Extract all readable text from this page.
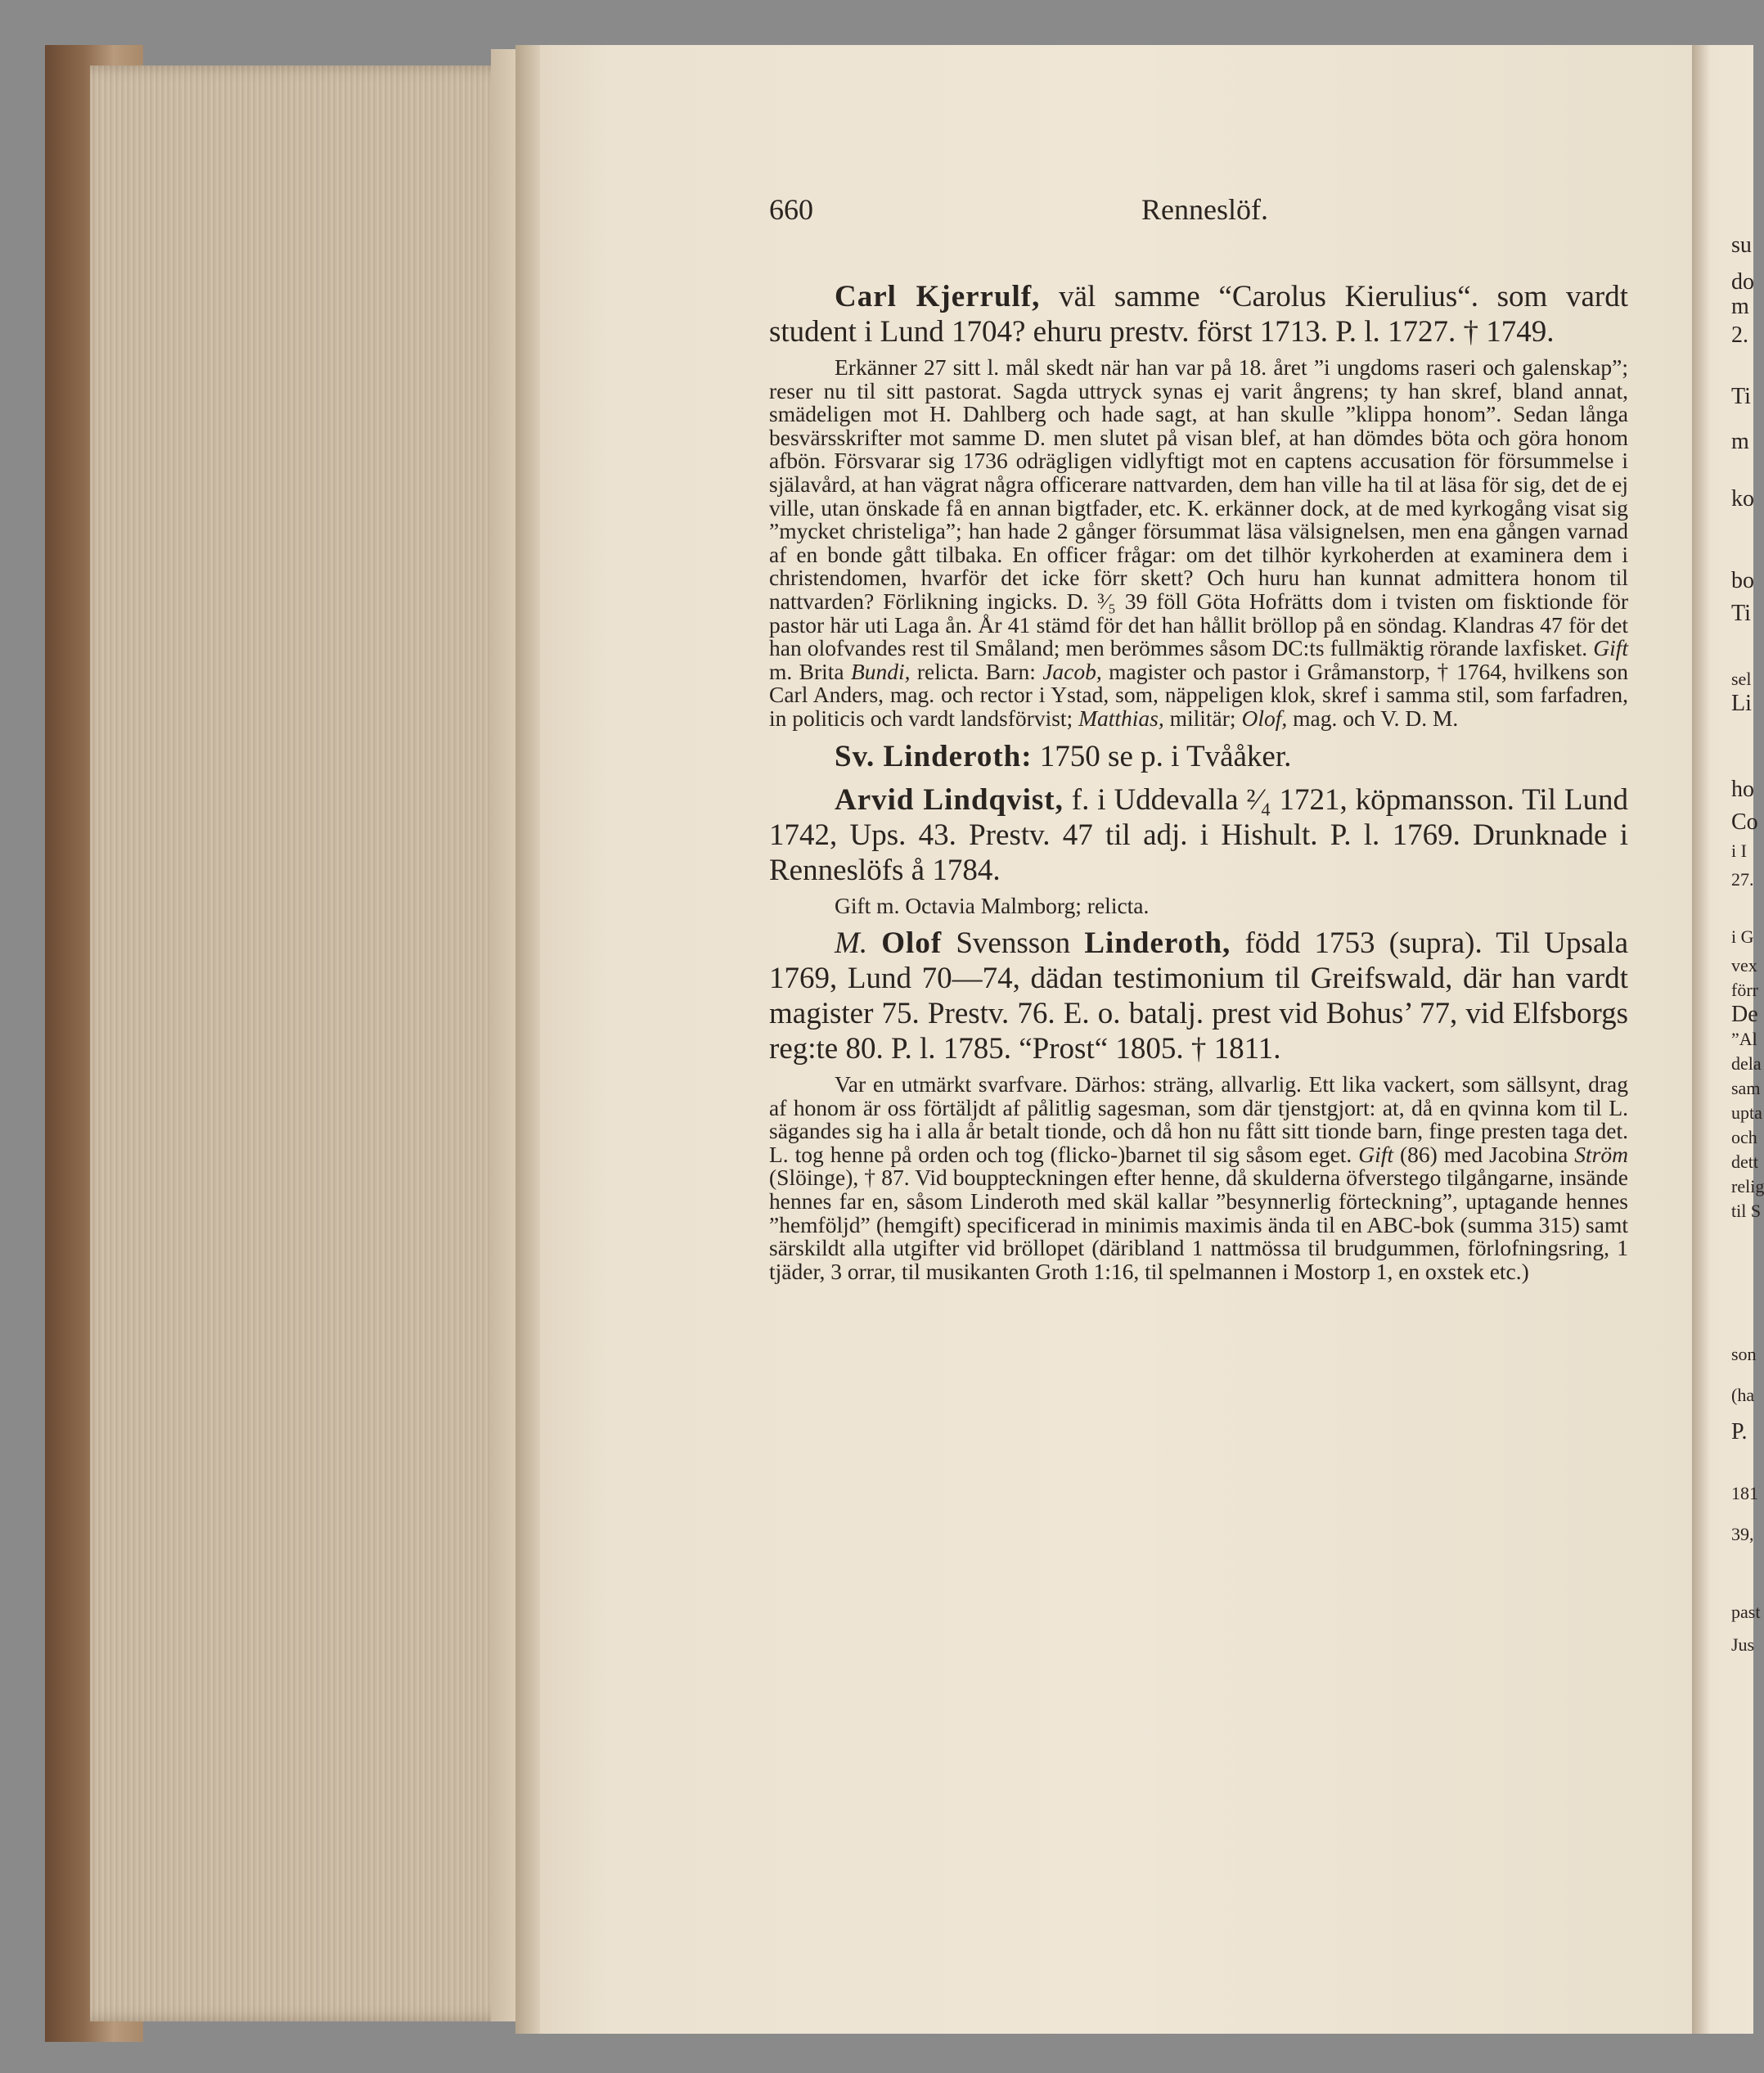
su
do
m
2.
Ti
m
ko
bo
Ti
sel
Li
ho
Co
i I
27.
i G
vex
förr
De
”Al
dela
sam
upta
och
dett
relig
til S
son
(ha
P.
181
39,
past
Jus
660	Renneslöf.

Carl Kjerrulf, väl samme “Carolus Kierulius“. som vardt student i Lund 1704? ehuru prestv. först 1713. P. l. 1727. † 1749.

Erkänner 27 sitt l. mål skedt när han var på 18. året ”i ungdoms raseri och galenskap”; reser nu til sitt pastorat. Sagda uttryck synas ej varit ångrens; ty han skref, bland annat, smädeligen mot H. Dahlberg och hade sagt, at han skulle ”klippa honom”. Sedan långa besvärsskrifter mot samme D. men slutet på visan blef, at han dömdes böta och göra honom afbön. Försvarar sig 1736 odrägligen vidlyftigt mot en captens accusation för försummelse i själavård, at han vägrat några officerare nattvarden, dem han ville ha til at läsa för sig, det de ej ville, utan önskade få en annan bigtfader, etc. K. erkänner dock, at de med kyrkogång visat sig ”mycket christeliga”; han hade 2 gånger försummat läsa välsignelsen, men ena gången varnad af en bonde gått tilbaka. En officer frågar: om det tilhör kyrkoherden at examinera dem i christendomen, hvarför det icke förr skett? Och huru han kunnat admittera honom til nattvarden? Förlikning ingicks. D. ³⁄₅ 39 föll Göta Hofrätts dom i tvisten om fisktionde för pastor här uti Laga ån. År 41 stämd för det han hållit bröllop på en söndag. Klandras 47 för det han olofvandes rest til Småland; men berömmes såsom DC:ts fullmäktig rörande laxfisket. Gift m. Brita Bundi, relicta. Barn: Jacob, magister och pastor i Gråmanstorp, † 1764, hvilkens son Carl Anders, mag. och rector i Ystad, som, näppeligen klok, skref i samma stil, som farfadren, in politicis och vardt landsförvist; Matthias, militär; Olof, mag. och V. D. M.

Sv. Linderoth: 1750 se p. i Tvååker.

Arvid Lindqvist, f. i Uddevalla ²⁄₄ 1721, köpmansson. Til Lund 1742, Ups. 43. Prestv. 47 til adj. i Hishult. P. l. 1769. Drunknade i Renneslöfs å 1784.

Gift m. Octavia Malmborg; relicta.

M. Olof Svensson Linderoth, född 1753 (supra). Til Upsala 1769, Lund 70—74, dädan testimonium til Greifswald, där han vardt magister 75. Prestv. 76. E. o. batalj. prest vid Bohus’ 77, vid Elfsborgs reg:te 80. P. l. 1785. “Prost“ 1805. † 1811.

Var en utmärkt svarfvare. Därhos: sträng, allvarlig. Ett lika vackert, som sällsynt, drag af honom är oss förtäljdt af pålitlig sagesman, som där tjenstgjort: at, då en qvinna kom til L. sägandes sig ha i alla år betalt tionde, och då hon nu fått sitt tionde barn, finge presten taga det. L. tog henne på orden och tog (flicko-)barnet til sig såsom eget. Gift (86) med Jacobina Ström (Slöinge), † 87. Vid bouppteckningen efter henne, då skulderna öfverstego tilgångarne, insände hennes far en, såsom Linderoth med skäl kallar ”besynnerlig förteckning”, uptagande hennes ”hemföljd” (hemgift) specificerad in minimis maximis ända til en ABC-bok (summa 315) samt särskildt alla utgifter vid bröllopet (däribland 1 nattmössa til brudgummen, förlofningsring, 1 tjäder, 3 orrar, til musikanten Groth 1:16, til spelmannen i Mostorp 1, en oxstek etc.)
